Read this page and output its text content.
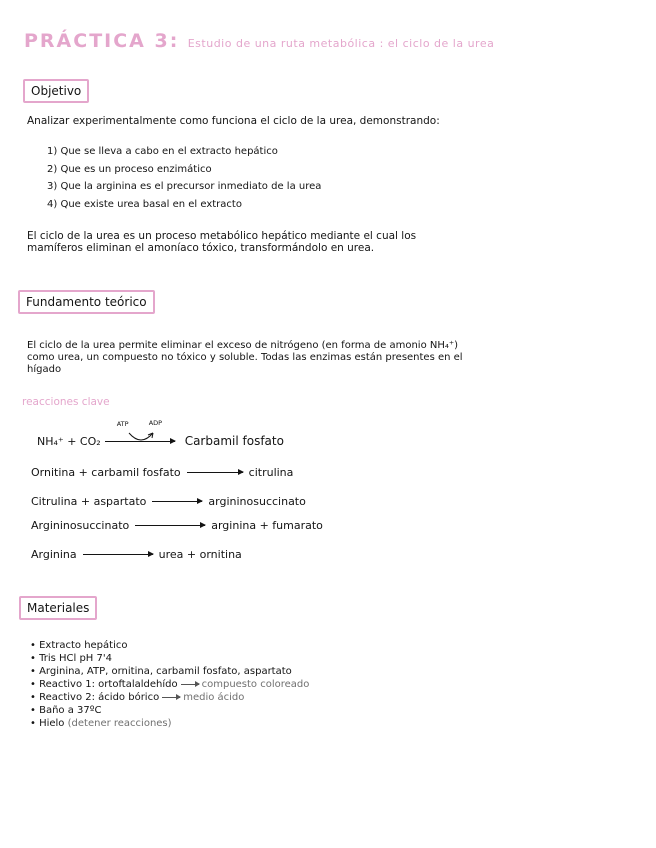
PRÁCTICA 3: Estudio de una ruta metabólica : el ciclo de la urea
Objetivo
Analizar experimentalmente como funciona el ciclo de la urea, demonstrando:
1) Que se lleva a cabo en el extracto hepático
2) Que es un proceso enzimático
3) Que la arginina es el precursor inmediato de la urea
4) Que existe urea basal en el extracto
El ciclo de la urea es un proceso metabólico hepático mediante el cual los
mamíferos eliminan el amoníaco tóxico, transformándolo en urea.
Fundamento teórico
El ciclo de la urea permite eliminar el exceso de nitrógeno (en forma de amonio NH₄⁺)
como urea, un compuesto no tóxico y soluble. Todas las enzimas están presentes en el
hígado
reacciones clave
NH₄⁺ + CO₂
ATP	ADP
Carbamil fosfato
Ornitina + carbamil fosfato	citrulina
Citrulina + aspartato	argininosuccinato
Argininosuccinato	arginina + fumarato
Arginina	urea + ornitina
Materiales
• Extracto hepático
• Tris HCl pH 7'4
• Arginina, ATP, ornitina, carbamil fosfato, aspartato
• Reactivo 1: ortoftalaldehído compuesto coloreado
• Reactivo 2: ácido bórico medio ácido
• Baño a 37ºC
• Hielo (detener reacciones)
